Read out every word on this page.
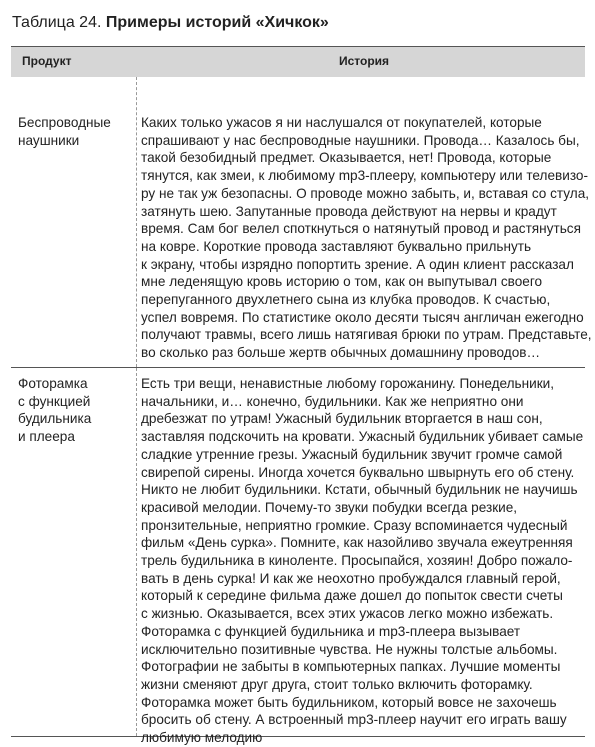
Таблица 24. Примеры историй «Хичкок»
Продукт	История
Беспроводные
наушники
Каких только ужасов я ни наслушался от покупателей, которые
спрашивают у нас беспроводные наушники. Провода… Казалось бы,
такой безобидный предмет. Оказывается, нет! Провода, которые
тянутся, как змеи, к любимому mp3-плееру, компьютеру или телевизо-
ру не так уж безопасны. О проводе можно забыть, и, вставая со стула,
затянуть шею. Запутанные провода действуют на нервы и крадут
время. Сам бог велел споткнуться о натянутый провод и растянуться
на ковре. Короткие провода заставляют буквально прильнуть
к экрану, чтобы изрядно попортить зрение. А один клиент рассказал
мне леденящую кровь историю о том, как он выпутывал своего
перепуганного двухлетнего сына из клубка проводов. К счастью,
успел вовремя. По статистике около десяти тысяч англичан ежегодно
получают травмы, всего лишь натягивая брюки по утрам. Представьте,
во сколько раз больше жертв обычных домашнину проводов…
Фоторамка
с функцией
будильника
и плеера
Есть три вещи, ненавистные любому горожанину. Понедельники,
начальники, и… конечно, будильники. Как же неприятно они
дребезжат по утрам! Ужасный будильник вторгается в наш сон,
заставляя подскочить на кровати. Ужасный будильник убивает самые
сладкие утренние грезы. Ужасный будильник звучит громче самой
свирепой сирены. Иногда хочется буквально швырнуть его об стену.
Никто не любит будильники. Кстати, обычный будильник не научишь
красивой мелодии. Почему-то звуки побудки всегда резкие,
пронзительные, неприятно громкие. Сразу вспоминается чудесный
фильм «День сурка». Помните, как назойливо звучала ежеутренняя
трель будильника в киноленте. Просыпайся, хозяин! Добро пожало-
вать в день сурка! И как же неохотно пробуждался главный герой,
который к середине фильма даже дошел до попыток свести счеты
с жизнью. Оказывается, всех этих ужасов легко можно избежать.
Фоторамка с функцией будильника и mp3-плеера вызывает
исключительно позитивные чувства. Не нужны толстые альбомы.
Фотографии не забыты в компьютерных папках. Лучшие моменты
жизни сменяют друг друга, стоит только включить фоторамку.
Фоторамка может быть будильником, который вовсе не захочешь
бросить об стену. А встроенный mp3-плеер научит его играть вашу
любимую мелодию
